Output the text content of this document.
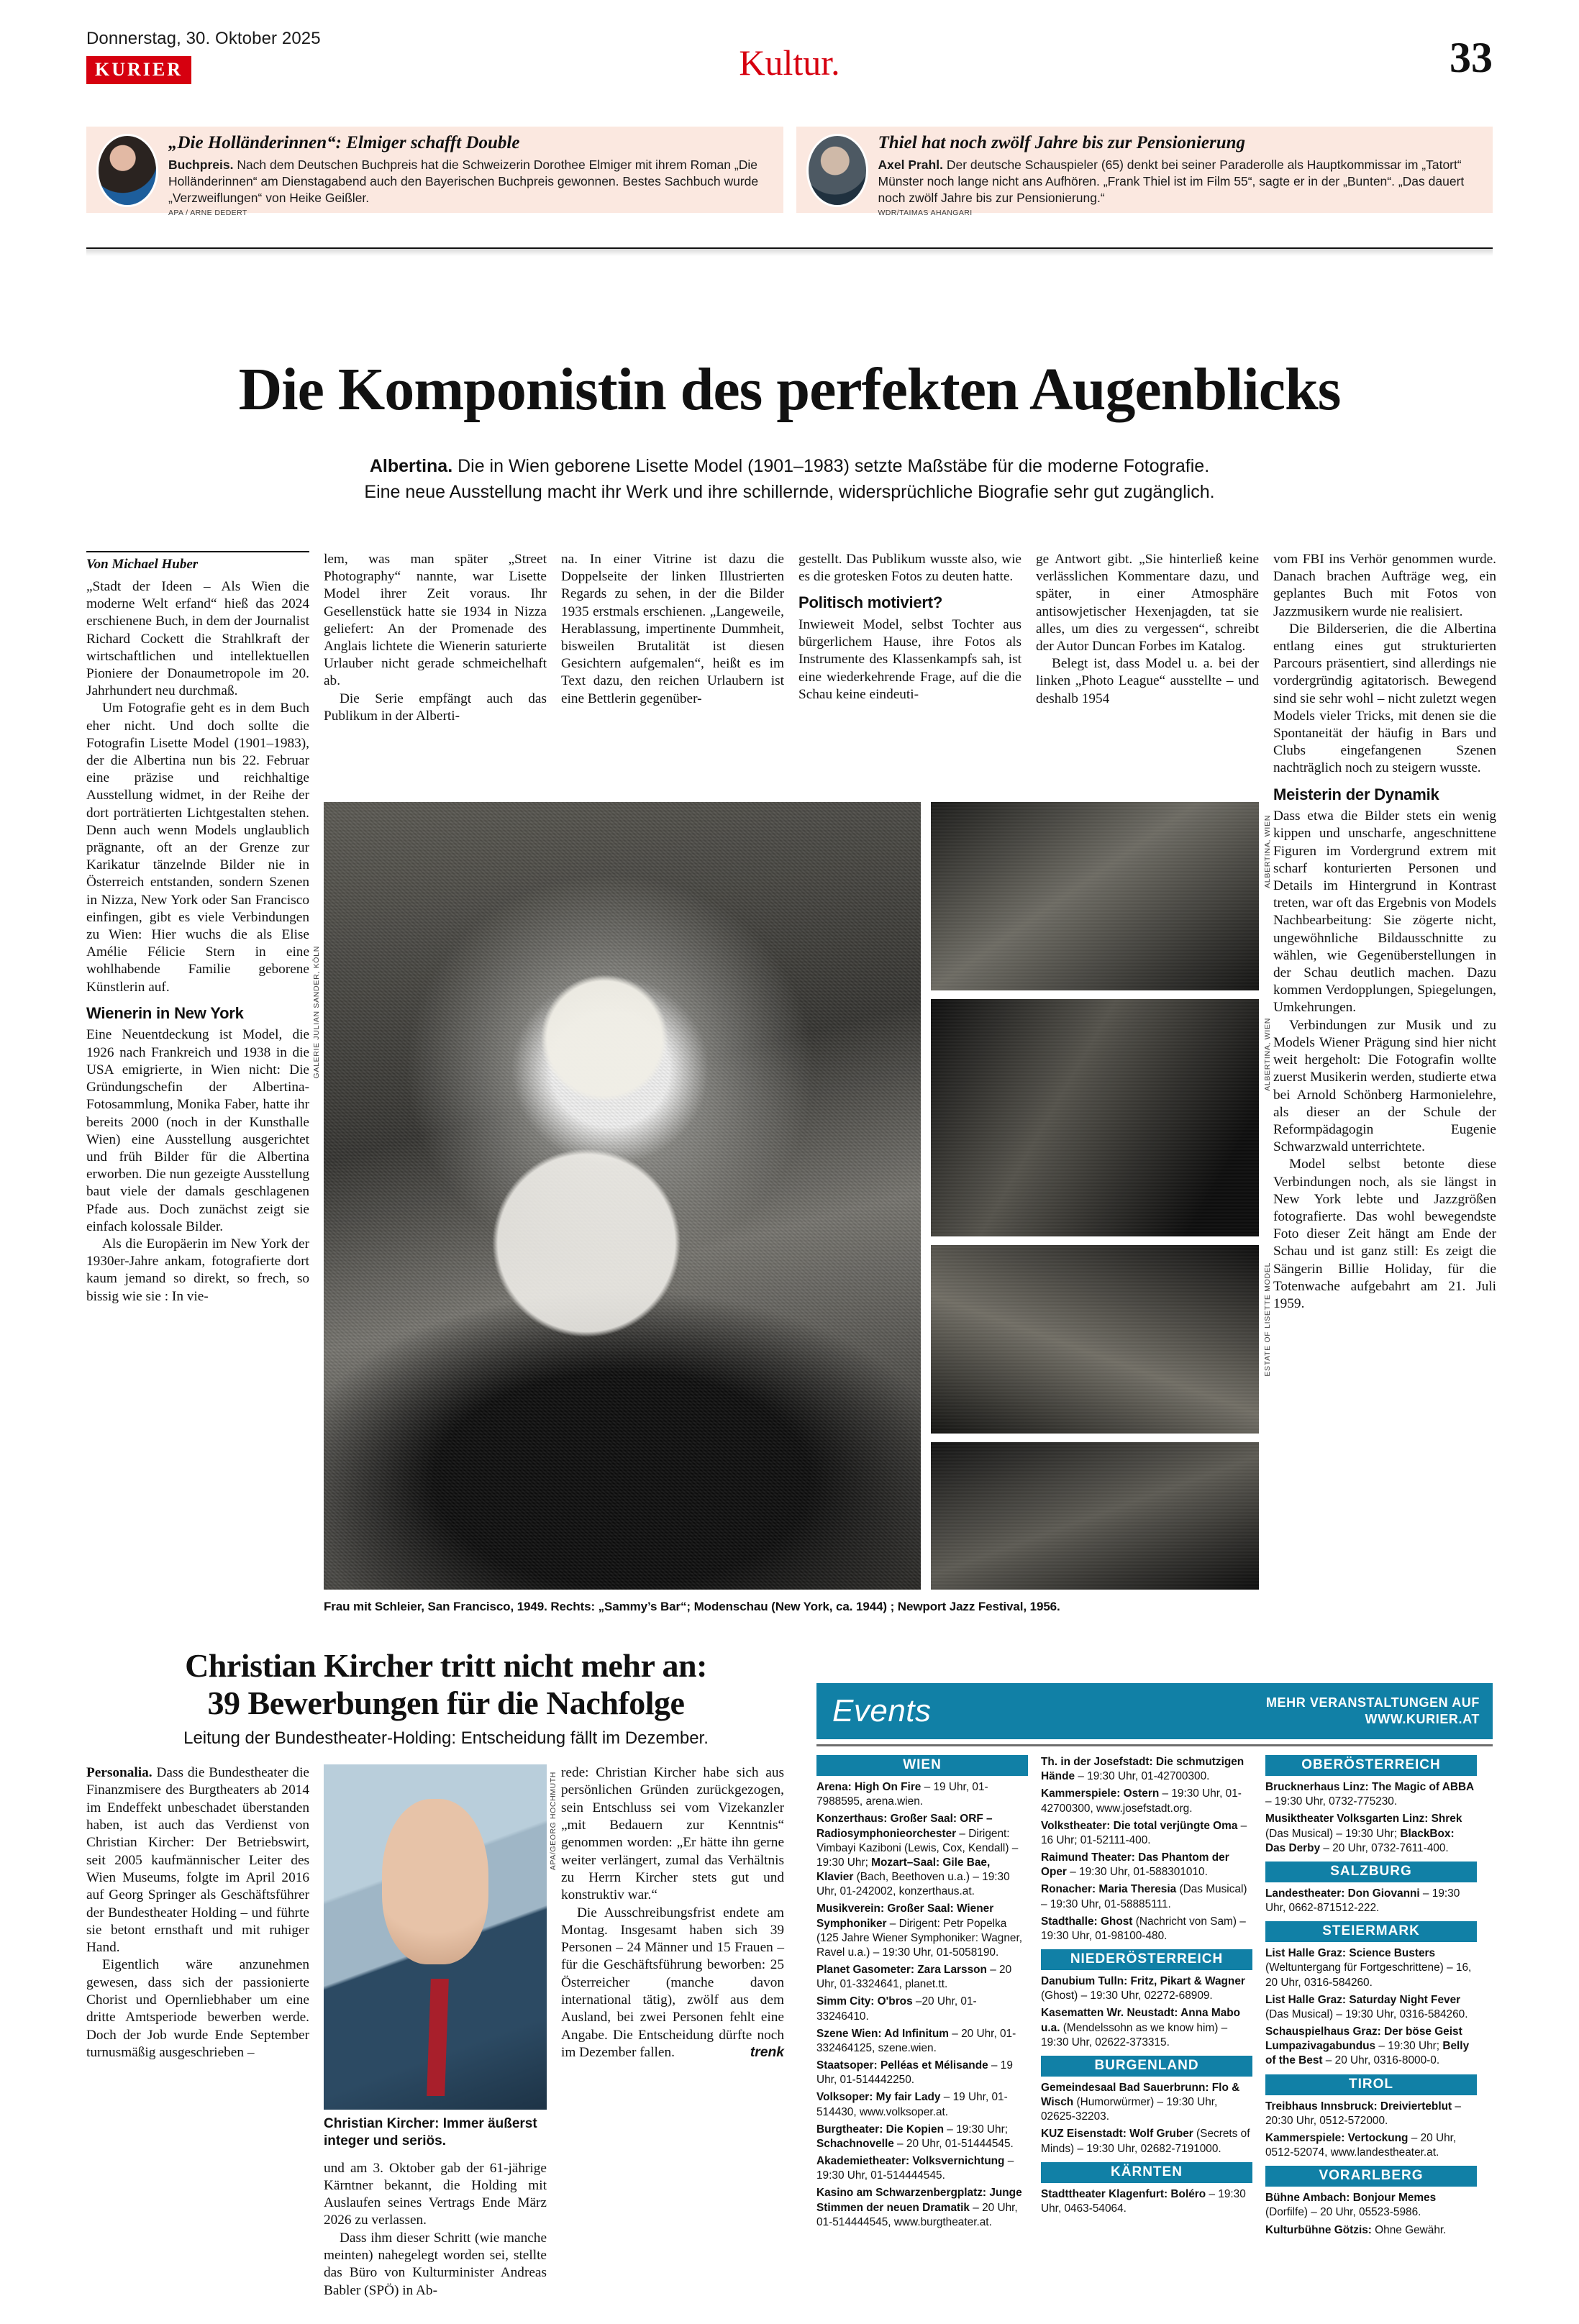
Donnerstag, 30. Oktober 2025
KURIER	Kultur.	33
„Die Holländerinnen“: Elmiger schafft Double
Buchpreis. Nach dem Deutschen Buchpreis hat die Schweizerin Dorothee Elmiger mit ihrem Roman „Die Holländerinnen“ am Dienstagabend auch den Bayerischen Buchpreis gewonnen. Bestes Sachbuch wurde „Verzweiflungen“ von Heike Geißler.
APA / ARNE DEDERT
Thiel hat noch zwölf Jahre bis zur Pensionierung
Axel Prahl. Der deutsche Schauspieler (65) denkt bei seiner Paraderolle als Hauptkommissar im „Tatort“ Münster noch lange nicht ans Aufhören. „Frank Thiel ist im Film 55“, sagte er in der „Bunten“. „Das dauert noch zwölf Jahre bis zur Pensionierung.“
WDR/TAIMAS AHANGARI
Die Komponistin des perfekten Augenblicks
Albertina. Die in Wien geborene Lisette Model (1901–1983) setzte Maßstäbe für die moderne Fotografie.
Eine neue Ausstellung macht ihr Werk und ihre schillernde, widersprüchliche Biografie sehr gut zugänglich.
Von Michael Huber

„Stadt der Ideen – Als Wien die moderne Welt erfand“ hieß das 2024 erschienene Buch, in dem der Journalist Richard Cockett die Strahlkraft der wirtschaftlichen und intellektuellen Pioniere der Donaumetropole im 20. Jahrhundert neu durchmaß.

Um Fotografie geht es in dem Buch eher nicht. Und doch sollte die Fotografin Lisette Model (1901–1983), der die Albertina nun bis 22. Februar eine präzise und reichhaltige Ausstellung widmet, in der Reihe der dort porträtierten Lichtgestalten stehen. Denn auch wenn Models unglaublich prägnante, oft an der Grenze zur Karikatur tänzelnde Bilder nie in Österreich entstanden, sondern Szenen in Nizza, New York oder San Francisco einfingen, gibt es viele Verbindungen zu Wien: Hier wuchs die als Elise Amélie Félicie Stern in eine wohlhabende Familie geborene Künstlerin auf.

Wienerin in New York

Eine Neuentdeckung ist Model, die 1926 nach Frankreich und 1938 in die USA emigrierte, in Wien nicht: Die Gründungschefin der Albertina-Fotosammlung, Monika Faber, hatte ihr bereits 2000 (noch in der Kunsthalle Wien) eine Ausstellung ausgerichtet und früh Bilder für die Albertina erworben. Die nun gezeigte Ausstellung baut viele der damals geschlagenen Pfade aus. Doch zunächst zeigt sie einfach kolossale Bilder.

Als die Europäerin im New York der 1930er-Jahre ankam, fotografierte dort kaum jemand so direkt, so frech, so bissig wie sie : In vie-

lem, was man später „Street Photography“ nannte, war Lisette Model ihrer Zeit voraus. Ihr Gesellenstück hatte sie 1934 in Nizza geliefert: An der Promenade des Anglais lichtete die Wienerin saturierte Urlauber nicht gerade schmeichelhaft ab.

Die Serie empfängt auch das Publikum in der Alberti-

na. In einer Vitrine ist dazu die Doppelseite der linken Illustrierten Regards zu sehen, in der die Bilder 1935 erstmals erschienen. „Langeweile, Herablassung, impertinente Dummheit, bisweilen Brutalität ist diesen Gesichtern aufgemalen“, heißt es im Text dazu, den reichen Urlaubern ist eine Bettlerin gegenüber-

gestellt. Das Publikum wusste also, wie es die grotesken Fotos zu deuten hatte.

Politisch motiviert?

Inwieweit Model, selbst Tochter aus bürgerlichem Hause, ihre Fotos als Instrumente des Klassenkampfs sah, ist eine wiederkehrende Frage, auf die die Schau keine eindeuti-

ge Antwort gibt. „Sie hinterließ keine verlässlichen Kommentare dazu, und später, in einer Atmosphäre antisowjetischer Hexenjagden, tat sie alles, um dies zu vergessen“, schreibt der Autor Duncan Forbes im Katalog.

Belegt ist, dass Model u. a. bei der linken „Photo League“ ausstellte – und deshalb 1954

vom FBI ins Verhör genommen wurde. Danach brachen Aufträge weg, ein geplantes Buch mit Fotos von Jazzmusikern wurde nie realisiert.

Die Bilderserien, die die Albertina entlang eines gut strukturierten Parcours präsentiert, sind allerdings nie vordergründig agitatorisch. Bewegend sind sie sehr wohl – nicht zuletzt wegen Models vieler Tricks, mit denen sie die Spontaneität der häufig in Bars und Clubs eingefangenen Szenen nachträglich noch zu steigern wusste.

Meisterin der Dynamik

Dass etwa die Bilder stets ein wenig kippen und unscharfe, angeschnittene Figuren im Vordergrund extrem mit scharf konturierten Personen und Details im Hintergrund in Kontrast treten, war oft das Ergebnis von Models Nachbearbeitung: Sie zögerte nicht, ungewöhnliche Bildausschnitte zu wählen, wie Gegenüberstellungen in der Schau deutlich machen. Dazu kommen Verdopplungen, Spiegelungen, Umkehrungen.

Verbindungen zur Musik und zu Models Wiener Prägung sind hier nicht weit hergeholt: Die Fotografin wollte zuerst Musikerin werden, studierte etwa bei Arnold Schönberg Harmonielehre, als dieser an der Schule der Reformpädagogin Eugenie Schwarzwald unterrichtete.

Model selbst betonte diese Verbindungen noch, als sie längst in New York lebte und Jazzgrößen fotografierte. Das wohl bewegendste Foto dieser Zeit hängt am Ende der Schau und ist ganz still: Es zeigt die Sängerin Billie Holiday, für die Totenwache aufgebahrt am 21. Juli 1959.

GALERIE JULIAN SANDER, KÖLN
ALBERTINA, WIEN
ALBERTINA, WIEN
ESTATE OF LISETTE MODEL
Frau mit Schleier, San Francisco, 1949. Rechts: „Sammy’s Bar“; Modenschau (New York, ca. 1944) ; Newport Jazz Festival, 1956.
Christian Kircher tritt nicht mehr an:
39 Bewerbungen für die Nachfolge
Leitung der Bundestheater-Holding: Entscheidung fällt im Dezember.

Personalia. Dass die Bundestheater die Finanzmisere des Burgtheaters ab 2014 im Endeffekt unbeschadet überstanden haben, ist auch das Verdienst von Christian Kircher: Der Betriebswirt, seit 2005 kaufmännischer Leiter des Wien Museums, folgte im April 2016 auf Georg Springer als Geschäftsführer der Bundestheater Holding – und führte sie betont ernsthaft und mit ruhiger Hand.

Eigentlich wäre anzunehmen gewesen, dass sich der passionierte Chorist und Opernliebhaber um eine dritte Amtsperiode bewerben werde. Doch der Job wurde Ende September turnusmäßig ausgeschrieben –

APA/GEORG HOCHMUTH
Christian Kircher: Immer äußerst integer und seriös.

und am 3. Oktober gab der 61-jährige Kärntner bekannt, die Holding mit Auslaufen seines Vertrags Ende März 2026 zu verlassen.

Dass ihm dieser Schritt (wie manche meinten) nahegelegt worden sei, stellte das Büro von Kulturminister Andreas Babler (SPÖ) in Ab-

rede: Christian Kircher habe sich aus persönlichen Gründen zurückgezogen, sein Entschluss sei vom Vizekanzler „mit Bedauern zur Kenntnis“ genommen worden: „Er hätte ihn gerne weiter verlängert, zumal das Verhältnis zu Herrn Kircher stets gut und konstruktiv war.“

Die Ausschreibungsfrist endete am Montag. Insgesamt haben sich 39 Personen – 24 Männer und 15 Frauen – für die Geschäftsführung beworben: 25 Österreicher (manche davon international tätig), zwölf aus dem Ausland, bei zwei Personen fehlt eine Angabe. Die Entscheidung dürfte noch im Dezember fallen.	trenk

Events	MEHR VERANSTALTUNGEN AUF
WWW.KURIER.AT
WIEN
Arena: High On Fire – 19 Uhr, 01-7988595, arena.wien.
Konzerthaus: Großer Saal: ORF – Radiosymphonieorchester – Dirigent: Vimbayi Kaziboni (Lewis, Cox, Kendall) – 19:30 Uhr; Mozart–Saal: Gile Bae, Klavier (Bach, Beethoven u.a.) – 19:30 Uhr, 01-242002, konzerthaus.at.
Musikverein: Großer Saal: Wiener Symphoniker – Dirigent: Petr Popelka (125 Jahre Wiener Symphoniker: Wagner, Ravel u.a.) – 19:30 Uhr, 01-5058190.
Planet Gasometer: Zara Larsson – 20 Uhr, 01-3324641, planet.tt.
Simm City: O'bros –20 Uhr, 01-33246410.
Szene Wien: Ad Infinitum – 20 Uhr, 01-332464125, szene.wien.
Staatsoper: Pelléas et Mélisande – 19 Uhr, 01-514442250.
Volksoper: My fair Lady – 19 Uhr, 01-514430, www.volksoper.at.
Burgtheater: Die Kopien – 19:30 Uhr; Schachnovelle – 20 Uhr, 01-51444545.
Akademietheater: Volksvernichtung – 19:30 Uhr, 01-514444545.
Kasino am Schwarzenbergplatz: Junge Stimmen der neuen Dramatik – 20 Uhr, 01-514444545, www.burgtheater.at.
Th. in der Josefstadt: Die schmutzigen Hände – 19:30 Uhr, 01-42700300.
Kammerspiele: Ostern – 19:30 Uhr, 01-42700300, www.josefstadt.org.
Volkstheater: Die total verjüngte Oma – 16 Uhr; 01-52111-400.
Raimund Theater: Das Phantom der Oper – 19:30 Uhr, 01-588301010.
Ronacher: Maria Theresia (Das Musical) – 19:30 Uhr, 01-58885111.
Stadthalle: Ghost (Nachricht von Sam) – 19:30 Uhr, 01-98100-480.
NIEDERÖSTERREICH
Danubium Tulln: Fritz, Pikart & Wagner (Ghost) – 19:30 Uhr, 02272-68909.
Kasematten Wr. Neustadt: Anna Mabo u.a. (Mendelssohn as we know him) – 19:30 Uhr, 02622-373315.
BURGENLAND
Gemeindesaal Bad Sauerbrunn: Flo & Wisch (Humorwürmer) – 19:30 Uhr, 02625-32203.
KUZ Eisenstadt: Wolf Gruber (Secrets of Minds) – 19:30 Uhr, 02682-7191000.
KÄRNTEN
Stadttheater Klagenfurt: Boléro – 19:30 Uhr, 0463-54064.
OBERÖSTERREICH
Brucknerhaus Linz: The Magic of ABBA – 19:30 Uhr, 0732-775230.
Musiktheater Volksgarten Linz: Shrek (Das Musical) – 19:30 Uhr; BlackBox: Das Derby – 20 Uhr, 0732-7611-400.
SALZBURG
Landestheater: Don Giovanni – 19:30 Uhr, 0662-871512-222.
STEIERMARK
List Halle Graz: Science Busters (Weltuntergang für Fortgeschrittene) – 16, 20 Uhr, 0316-584260.
List Halle Graz: Saturday Night Fever (Das Musical) – 19:30 Uhr, 0316-584260.
Schauspielhaus Graz: Der böse Geist Lumpazivagabundus – 19:30 Uhr; Belly of the Best – 20 Uhr, 0316-8000-0.
TIROL
Treibhaus Innsbruck: Dreivierteblut – 20:30 Uhr, 0512-572000.
Kammerspiele: Vertockung – 20 Uhr, 0512-52074, www.landestheater.at.
VORARLBERG
Bühne Ambach: Bonjour Memes (Dorfilfe) – 20 Uhr, 05523-5986.
Kulturbühne Götzis: Ohne Gewähr.
